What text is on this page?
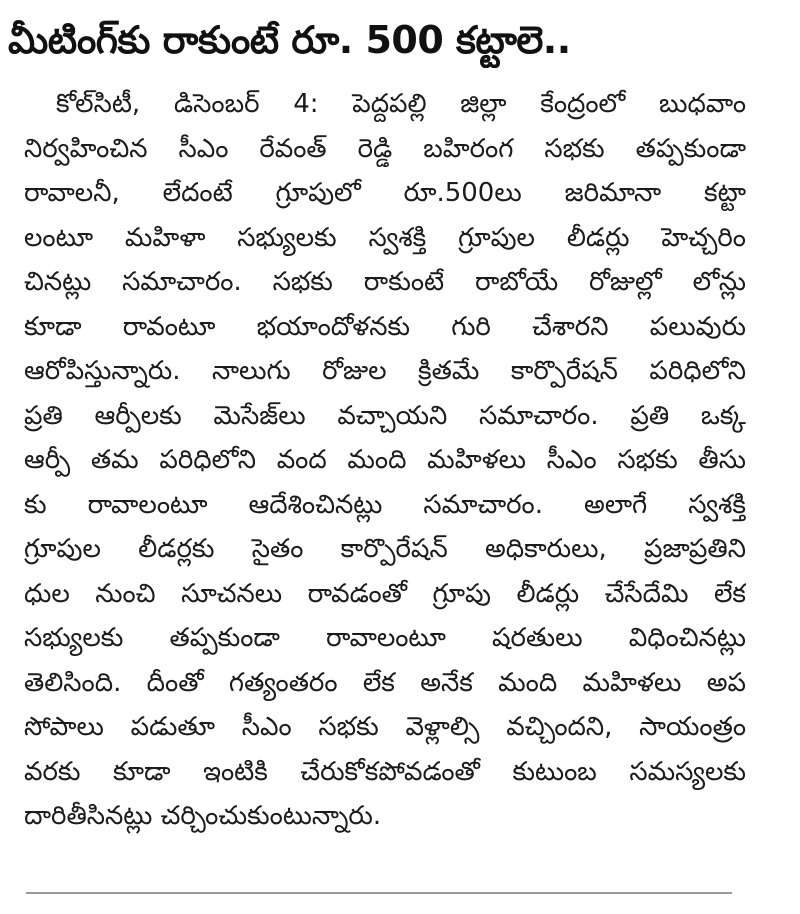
మీటింగ్‌కు రాకుంటే రూ. 500 కట్టాలె..
కోల్‌సిటీ, డిసెంబర్ 4: పెద్దపల్లి జిల్లా కేంద్రంలో బుధవాం
నిర్వహించిన సీఎం రేవంత్ రెడ్డి బహిరంగ సభకు తప్పకుండా
రావాలనీ, లేదంటే గ్రూపులో రూ.500లు జరిమానా కట్టా
లంటూ మహిళా సభ్యులకు స్వశక్తి గ్రూపుల లీడర్లు హెచ్చరిం
చినట్లు సమాచారం. సభకు రాకుంటే రాబోయే రోజుల్లో లోన్లు
కూడా రావంటూ భయాందోళనకు గురి చేశారని పలువురు
ఆరోపిస్తున్నారు. నాలుగు రోజుల క్రితమే కార్పొరేషన్ పరిధిలోని
ప్రతి ఆర్పీలకు మెసేజ్‌లు వచ్చాయని సమాచారం. ప్రతి ఒక్క
ఆర్పీ తమ పరిధిలోని వంద మంది మహిళలు సీఎం సభకు తీసు
కు రావాలంటూ ఆదేశించినట్లు సమాచారం. అలాగే స్వశక్తి
గ్రూపుల లీడర్లకు సైతం కార్పొరేషన్ అధికారులు, ప్రజాప్రతిని
ధుల నుంచి సూచనలు రావడంతో గ్రూపు లీడర్లు చేసేదేమి లేక
సభ్యులకు తప్పకుండా రావాలంటూ షరతులు విధించినట్లు
తెలిసింది. దీంతో గత్యంతరం లేక అనేక మంది మహిళలు అప
సోపాలు పడుతూ సీఎం సభకు వెళ్లాల్సి వచ్చిందని, సాయంత్రం
వరకు కూడా ఇంటికి చేరుకోకపోవడంతో కుటుంబ సమస్యలకు
దారితీసినట్లు చర్చించుకుంటున్నారు.
